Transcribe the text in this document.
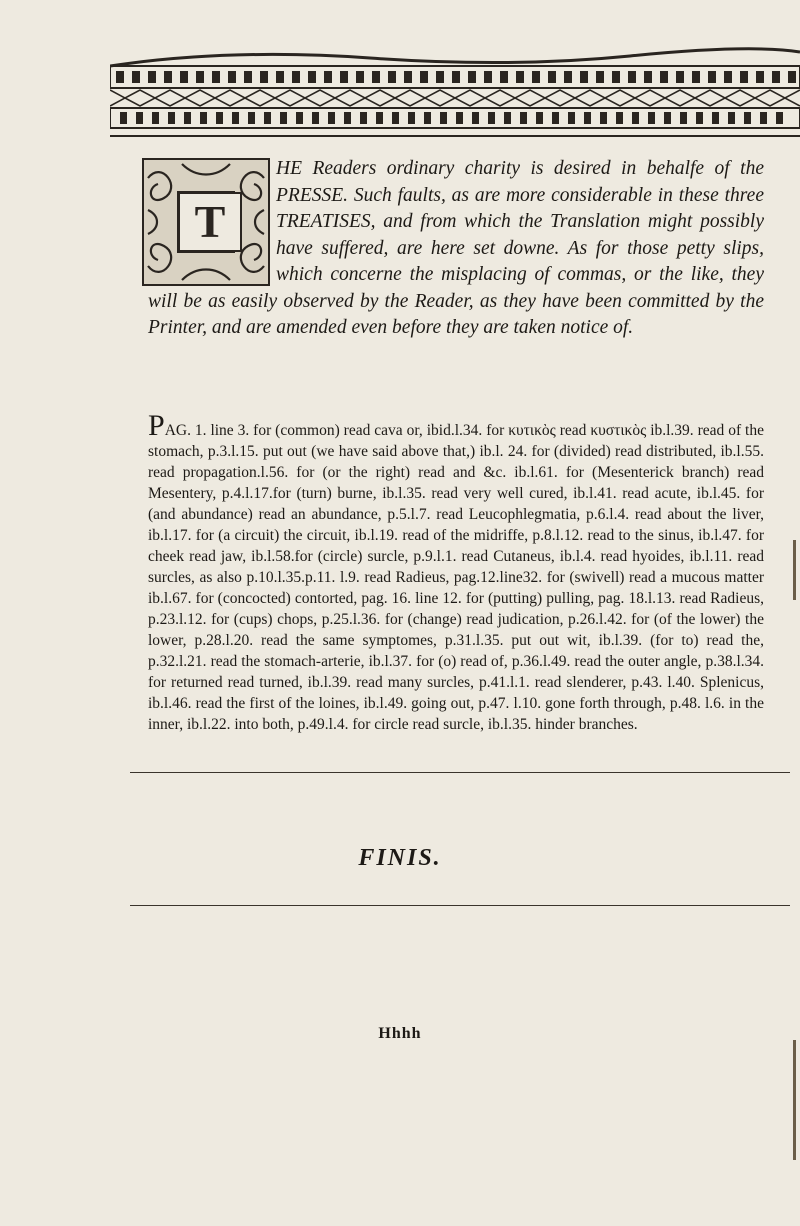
T
HE Readers ordinary charity is desired in behalfe of the PRESSE. Such faults, as are more considerable in these three TREATISES, and from which the Translation might possibly have suffered, are here set downe. As for those petty slips, which concerne the misplacing of commas, or the like, they will be as easily observed by the Reader, as they have been committed by the Printer, and are amended even before they are taken notice of.
PAG. 1. line 3. for (common) read cava or, ibid.l.34. for κυτικὸς read κυστικὸς ib.l.39. read of the stomach, p.3.l.15. put out (we have said above that,) ib.l. 24. for (divided) read distributed, ib.l.55. read propagation.l.56. for (or the right) read and &c. ib.l.61. for (Mesenterick branch) read Mesentery, p.4.l.17.for (turn) burne, ib.l.35. read very well cured, ib.l.41. read acute, ib.l.45. for (and abundance) read an abundance, p.5.l.7. read Leucophlegmatia, p.6.l.4. read about the liver, ib.l.17. for (a circuit) the circuit, ib.l.19. read of the midriffe, p.8.l.12. read to the sinus, ib.l.47. for cheek read jaw, ib.l.58.for (circle) surcle, p.9.l.1. read Cutaneus, ib.l.4. read hyoides, ib.l.11. read surcles, as also p.10.l.35.p.11. l.9. read Radieus, pag.12.line32. for (swivell) read a mucous matter ib.l.67. for (concocted) contorted, pag. 16. line 12. for (putting) pulling, pag. 18.l.13. read Radieus, p.23.l.12. for (cups) chops, p.25.l.36. for (change) read judication, p.26.l.42. for (of the lower) the lower, p.28.l.20. read the same symptomes, p.31.l.35. put out wit, ib.l.39. (for to) read the, p.32.l.21. read the stomach-arterie, ib.l.37. for (o) read of, p.36.l.49. read the outer angle, p.38.l.34. for returned read turned, ib.l.39. read many surcles, p.41.l.1. read slenderer, p.43. l.40. Splenicus, ib.l.46. read the first of the loines, ib.l.49. going out, p.47. l.10. gone forth through, p.48. l.6. in the inner, ib.l.22. into both, p.49.l.4. for circle read surcle, ib.l.35. hinder branches.
FINIS.
Hhhh
